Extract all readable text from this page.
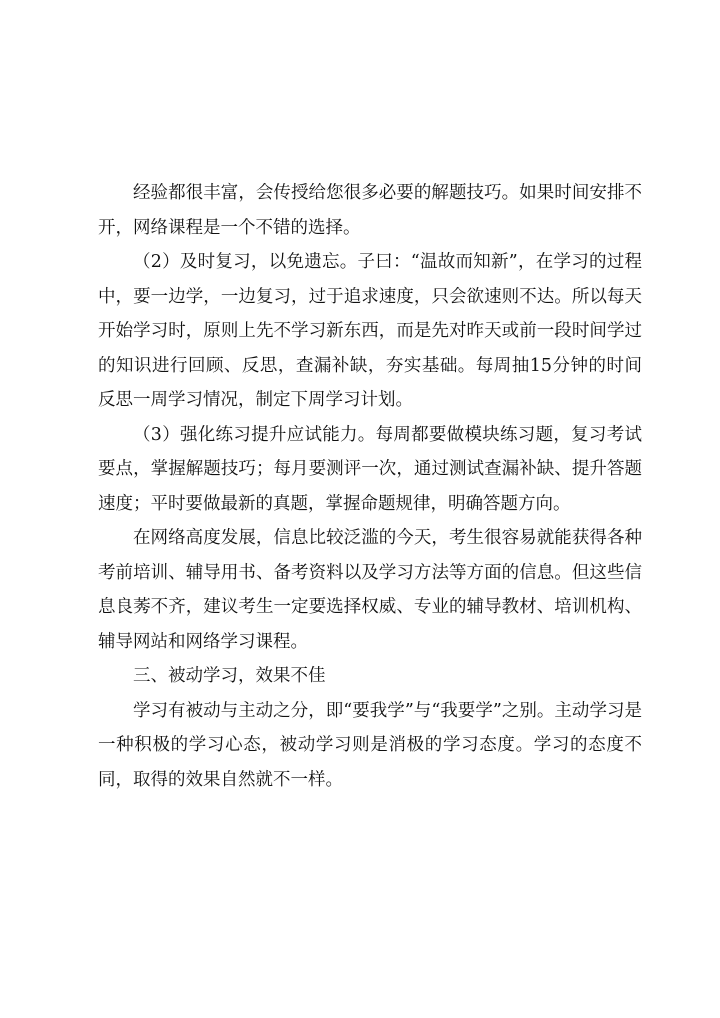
经验都很丰富，会传授给您很多必要的解题技巧。如果时间安排不开，网络课程是一个不错的选择。

（2）及时复习，以免遗忘。子曰：“温故而知新”，在学习的过程中，要一边学，一边复习，过于追求速度，只会欲速则不达。所以每天开始学习时，原则上先不学习新东西，而是先对昨天或前一段时间学过的知识进行回顾、反思，查漏补缺，夯实基础。每周抽15分钟的时间反思一周学习情况，制定下周学习计划。

（3）强化练习提升应试能力。每周都要做模块练习题，复习考试要点，掌握解题技巧；每月要测评一次，通过测试查漏补缺、提升答题速度；平时要做最新的真题，掌握命题规律，明确答题方向。

在网络高度发展，信息比较泛滥的今天，考生很容易就能获得各种考前培训、辅导用书、备考资料以及学习方法等方面的信息。但这些信息良莠不齐，建议考生一定要选择权威、专业的辅导教材、培训机构、辅导网站和网络学习课程。

三、被动学习，效果不佳

学习有被动与主动之分，即“要我学”与“我要学”之别。主动学习是一种积极的学习心态，被动学习则是消极的学习态度。学习的态度不同，取得的效果自然就不一样。
